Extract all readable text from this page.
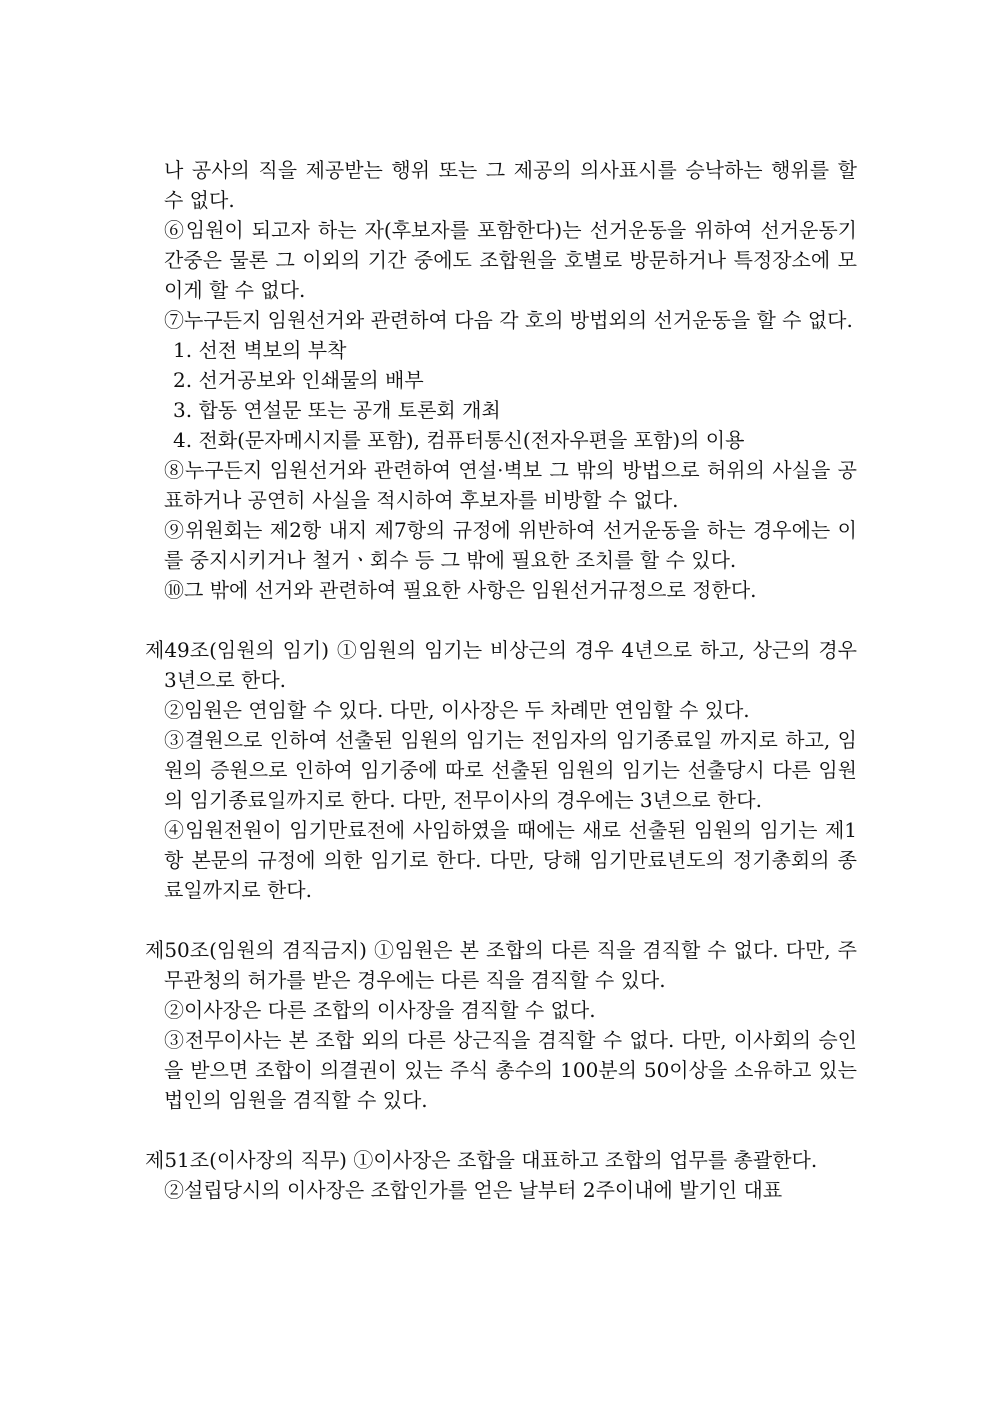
나 공사의 직을 제공받는 행위 또는 그 제공의 의사표시를 승낙하는 행위를 할 수 없다.

⑥임원이 되고자 하는 자(후보자를 포함한다)는 선거운동을 위하여 선거운동기간중은 물론 그 이외의 기간 중에도 조합원을 호별로 방문하거나 특정장소에 모이게 할 수 없다.

⑦누구든지 임원선거와 관련하여 다음 각 호의 방법외의 선거운동을 할 수 없다.

1. 선전 벽보의 부착

2. 선거공보와 인쇄물의 배부

3. 합동 연설문 또는 공개 토론회 개최

4. 전화(문자메시지를 포함), 컴퓨터통신(전자우편을 포함)의 이용

⑧누구든지 임원선거와 관련하여 연설·벽보 그 밖의 방법으로 허위의 사실을 공표하거나 공연히 사실을 적시하여 후보자를 비방할 수 없다.

⑨위원회는 제2항 내지 제7항의 규정에 위반하여 선거운동을 하는 경우에는 이를 중지시키거나 철거ㆍ회수 등 그 밖에 필요한 조치를 할 수 있다.

⑩그 밖에 선거와 관련하여 필요한 사항은 임원선거규정으로 정한다.

제49조(임원의 임기) ①임원의 임기는 비상근의 경우 4년으로 하고, 상근의 경우 3년으로 한다.

②임원은 연임할 수 있다. 다만, 이사장은 두 차례만 연임할 수 있다.

③결원으로 인하여 선출된 임원의 임기는 전임자의 임기종료일 까지로 하고, 임원의 증원으로 인하여 임기중에 따로 선출된 임원의 임기는 선출당시 다른 임원의 임기종료일까지로 한다. 다만, 전무이사의 경우에는 3년으로 한다.

④임원전원이 임기만료전에 사임하였을 때에는 새로 선출된 임원의 임기는 제1항 본문의 규정에 의한 임기로 한다. 다만, 당해 임기만료년도의 정기총회의 종료일까지로 한다.

제50조(임원의 겸직금지) ①임원은 본 조합의 다른 직을 겸직할 수 없다. 다만, 주무관청의 허가를 받은 경우에는 다른 직을 겸직할 수 있다.

②이사장은 다른 조합의 이사장을 겸직할 수 없다.

③전무이사는 본 조합 외의 다른 상근직을 겸직할 수 없다. 다만, 이사회의 승인을 받으면 조합이 의결권이 있는 주식 총수의 100분의 50이상을 소유하고 있는 법인의 임원을 겸직할 수 있다.

제51조(이사장의 직무) ①이사장은 조합을 대표하고 조합의 업무를 총괄한다.

②설립당시의 이사장은 조합인가를 얻은 날부터 2주이내에 발기인 대표
